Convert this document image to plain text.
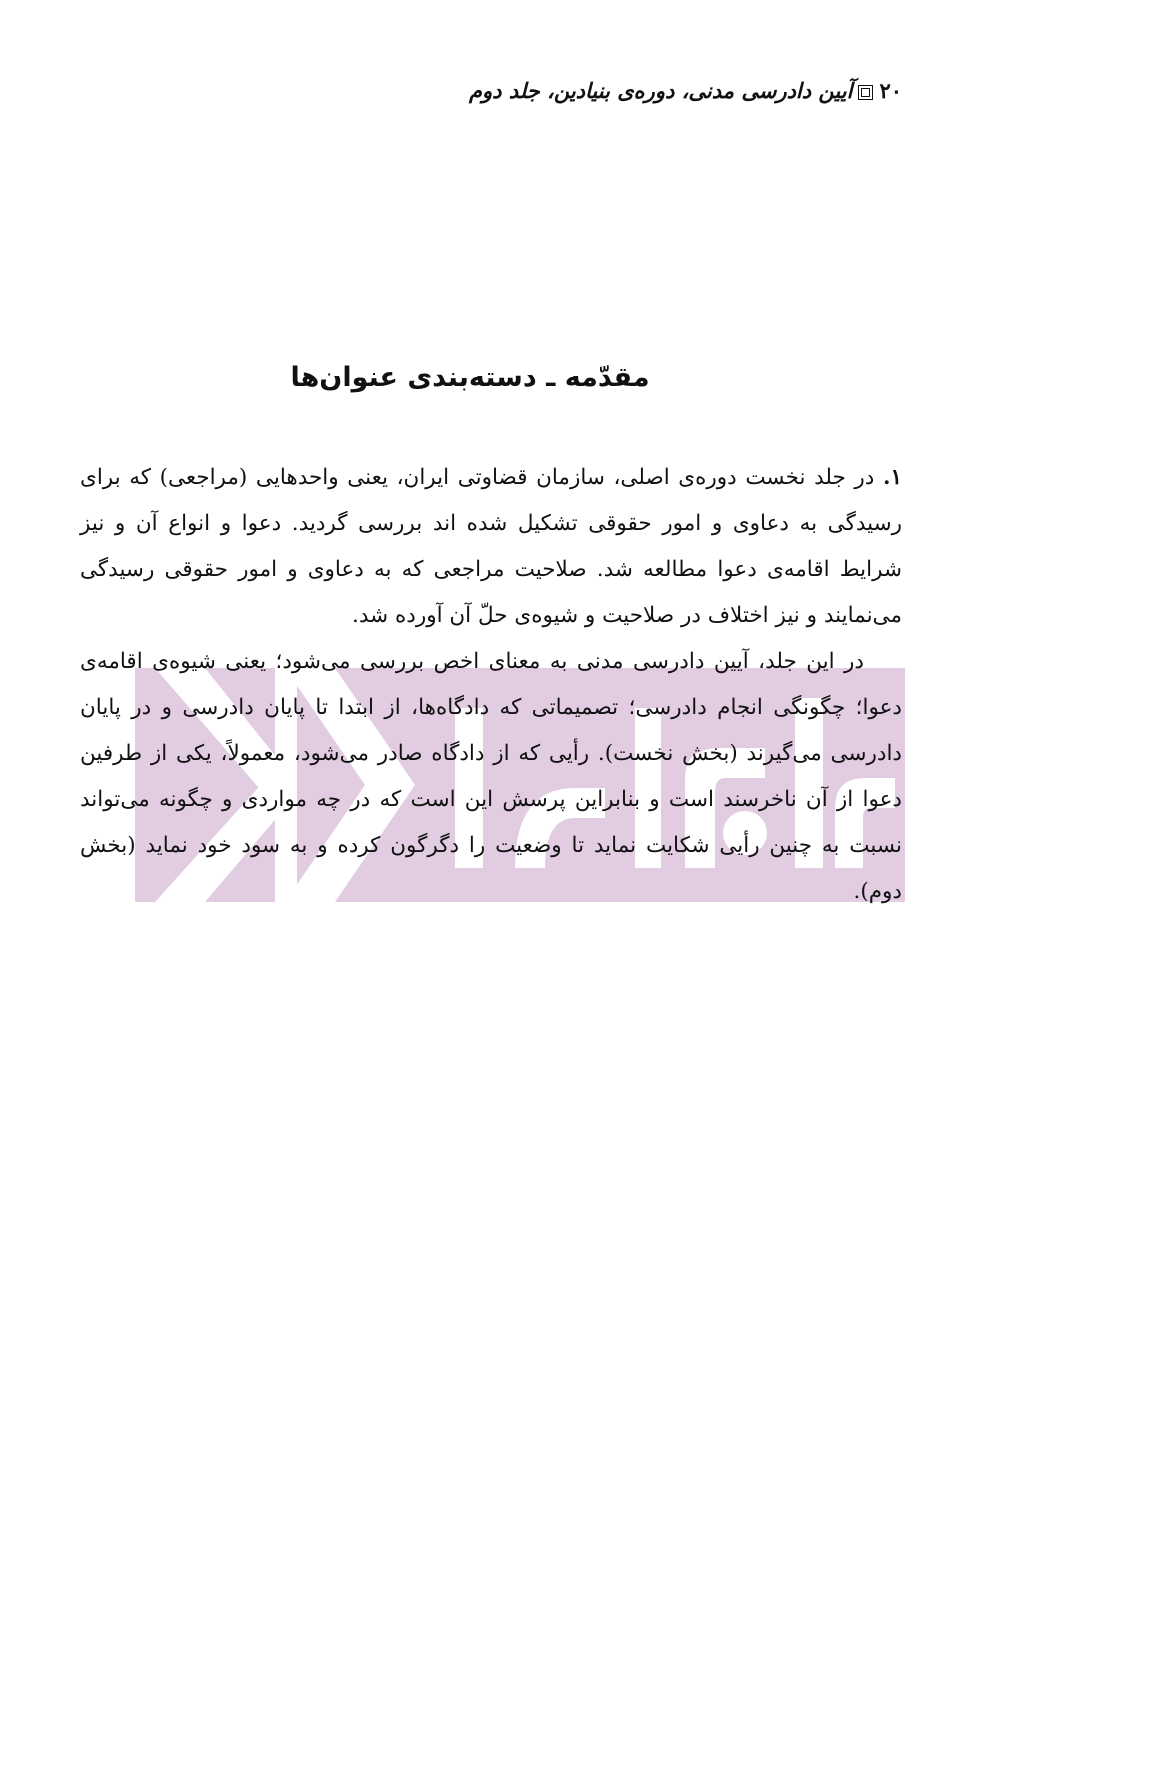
۲۰آیین دادرسی مدنی، دوره‌ی بنیادین، جلد دوم
مقدّمه ـ دسته‌بندی عنوان‌ها

۱. در جلد نخست دوره‌ی اصلی، سازمان قضاوتی ایران، یعنی واحدهایی (مراجعی) که برای رسیدگی به دعاوی و امور حقوقی تشکیل شده اند بررسی گردید. دعوا و انواع آن و نیز شرایط اقامه‌ی دعوا مطالعه شد. صلاحیت مراجعی که به دعاوی و امور حقوقی رسیدگی می‌نمایند و نیز اختلاف در صلاحیت و شیوه‌ی حلّ آن آورده شد.

در این جلد، آیین دادرسی مدنی به معنای اخص بررسی می‌شود؛ یعنی شیوه‌ی اقامه‌ی دعوا؛ چگونگی انجام دادرسی؛ تصمیماتی که دادگاه‌ها، از ابتدا تا پایان دادرسی و در پایان دادرسی می‌گیرند (بخش نخست). رأیی که از دادگاه صادر می‌شود، معمولاً، یکی از طرفین دعوا از آن ناخرسند است و بنابراین پرسش این است که در چه مواردی و چگونه می‌تواند نسبت به چنین رأیی شکایت نماید تا وضعیت را دگرگون کرده و به سود خود نماید (بخش دوم).
